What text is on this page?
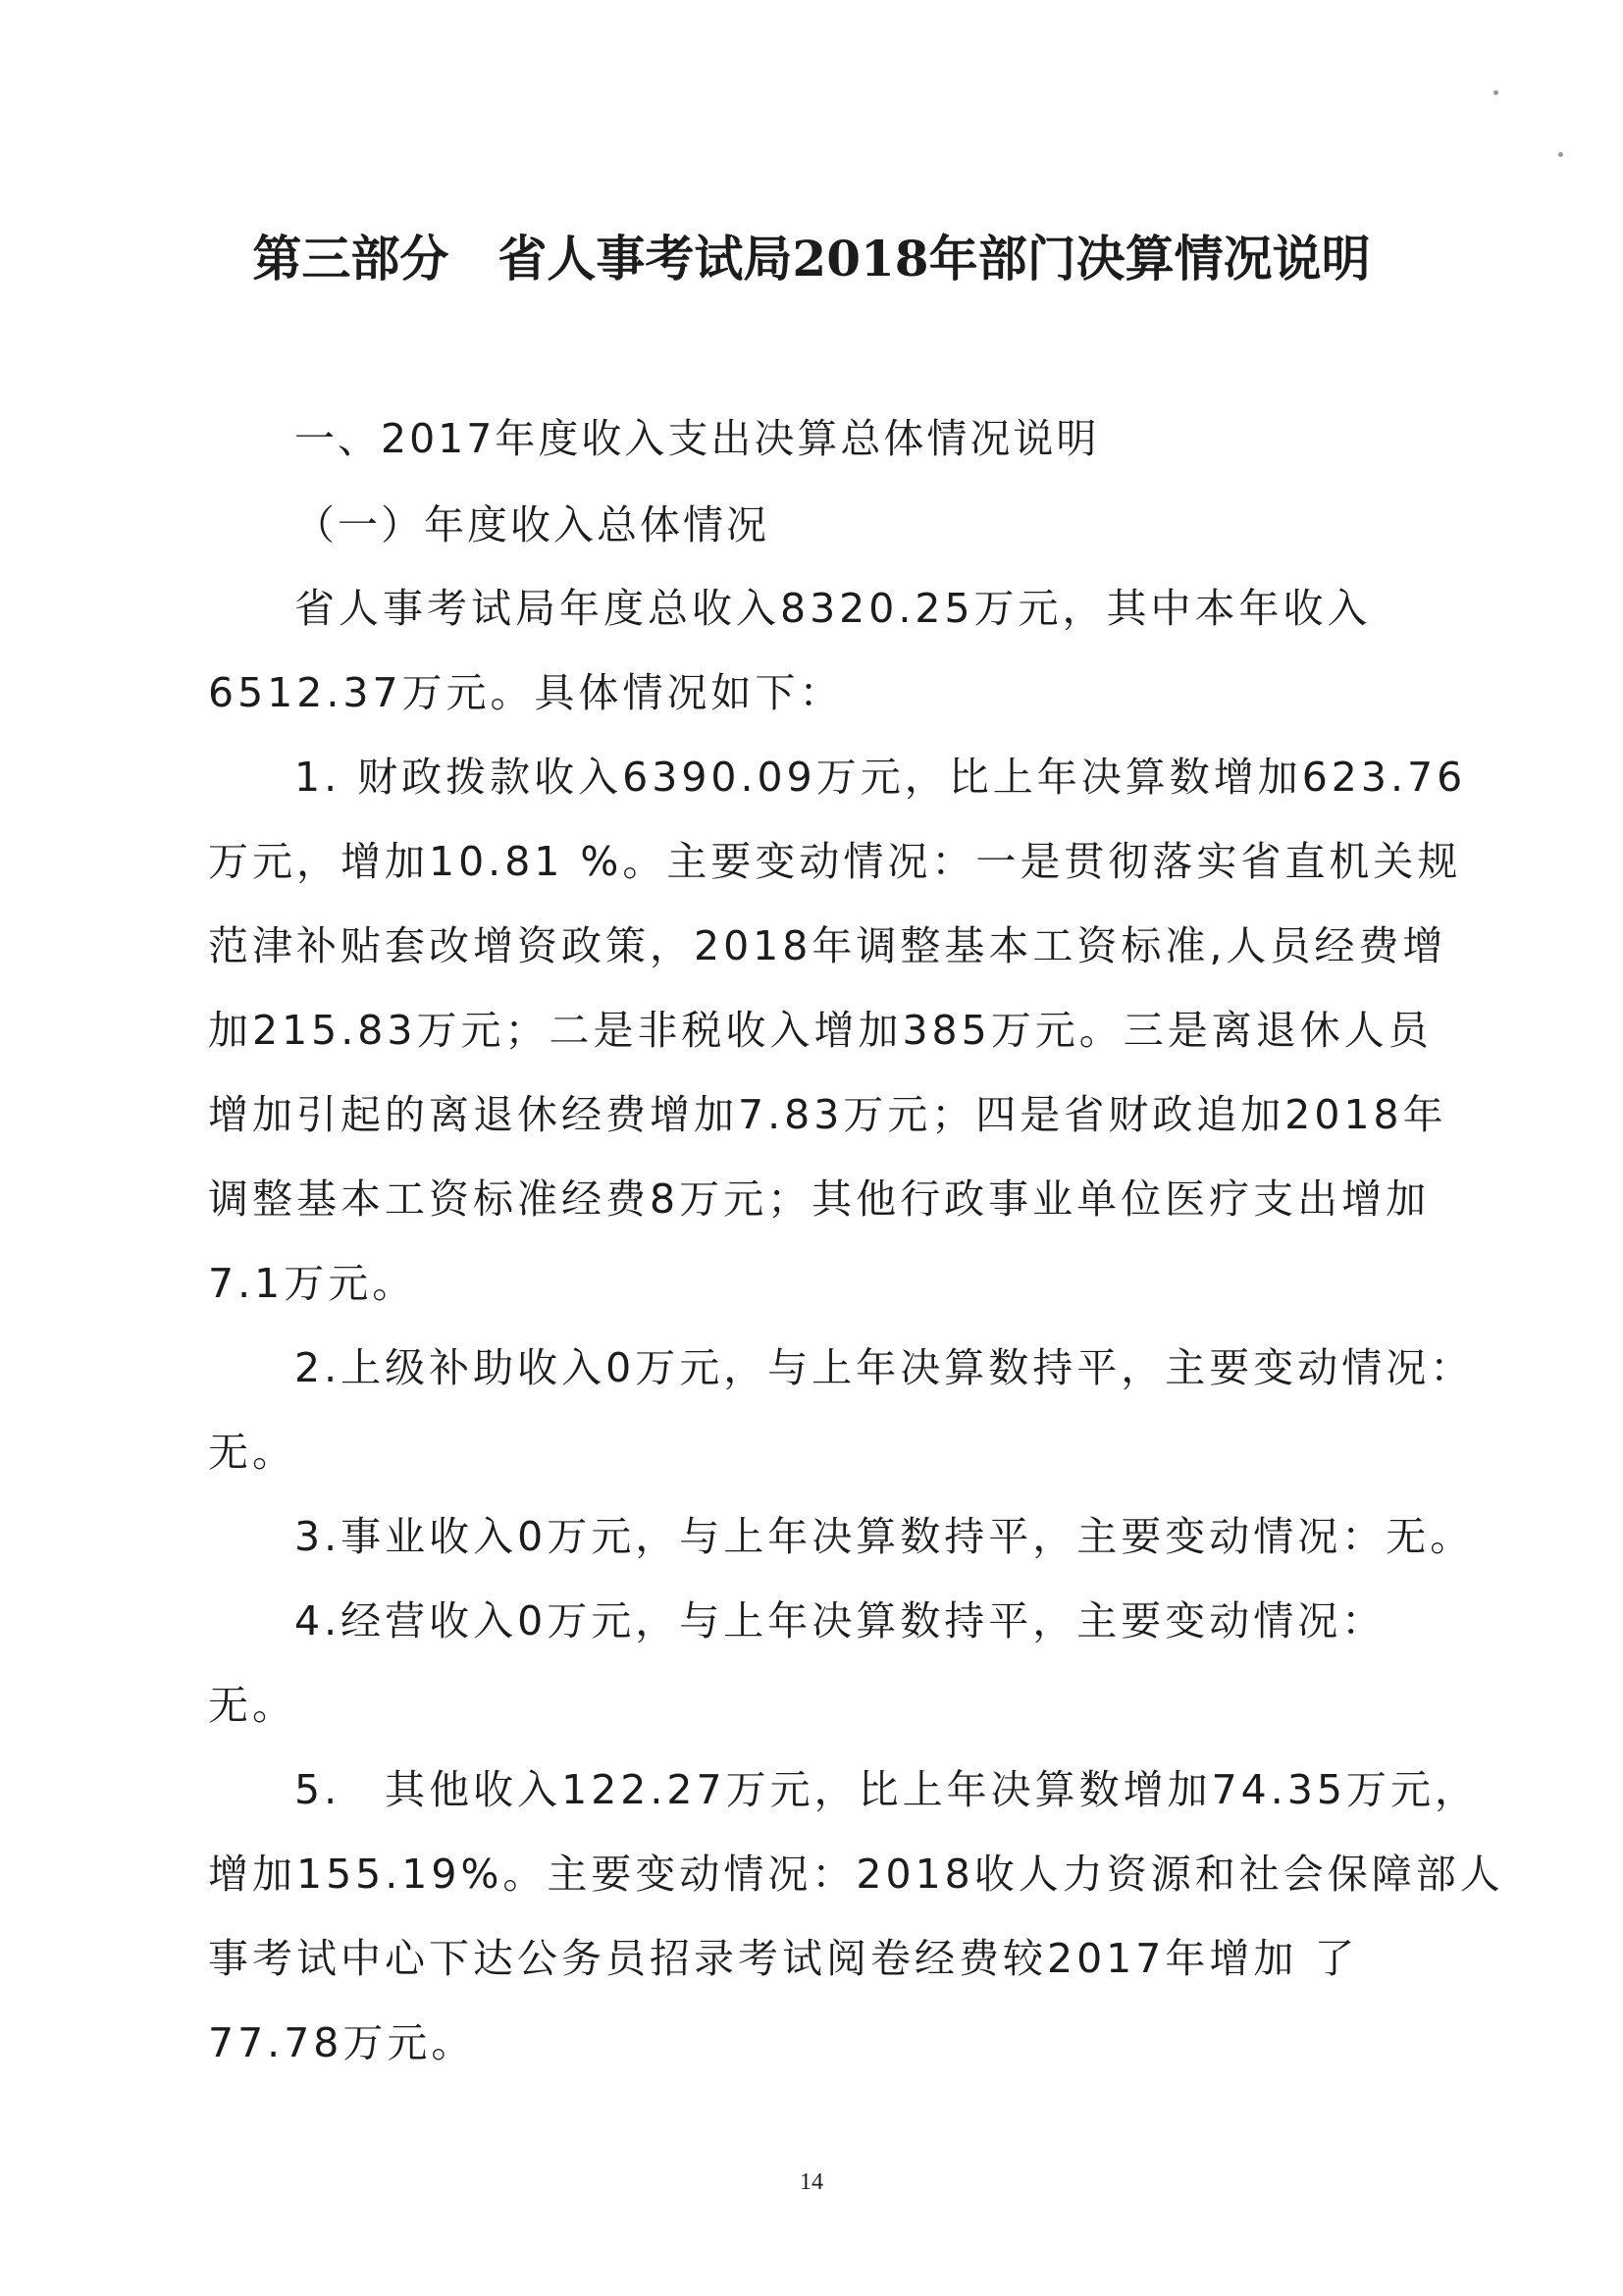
第三部分　省人事考试局2018年部门决算情况说明
一、2017年度收入支出决算总体情况说明
（一）年度收入总体情况
省人事考试局年度总收入8320.25万元，其中本年收入
6512.37万元。具体情况如下：
1. 财政拨款收入6390.09万元，比上年决算数增加623.76
万元，增加10.81 %。主要变动情况：一是贯彻落实省直机关规
范津补贴套改增资政策，2018年调整基本工资标准,人员经费增
加215.83万元；二是非税收入增加385万元。三是离退休人员
增加引起的离退休经费增加7.83万元；四是省财政追加2018年
调整基本工资标准经费8万元；其他行政事业单位医疗支出增加
7.1万元。
2.上级补助收入0万元，与上年决算数持平，主要变动情况：
无。
3.事业收入0万元，与上年决算数持平，主要变动情况：无。
4.经营收入0万元，与上年决算数持平，主要变动情况：
无。
5.　其他收入122.27万元，比上年决算数增加74.35万元，
增加155.19%。主要变动情况：2018收人力资源和社会保障部人
事考试中心下达公务员招录考试阅卷经费较2017年增加 了
77.78万元。
14
